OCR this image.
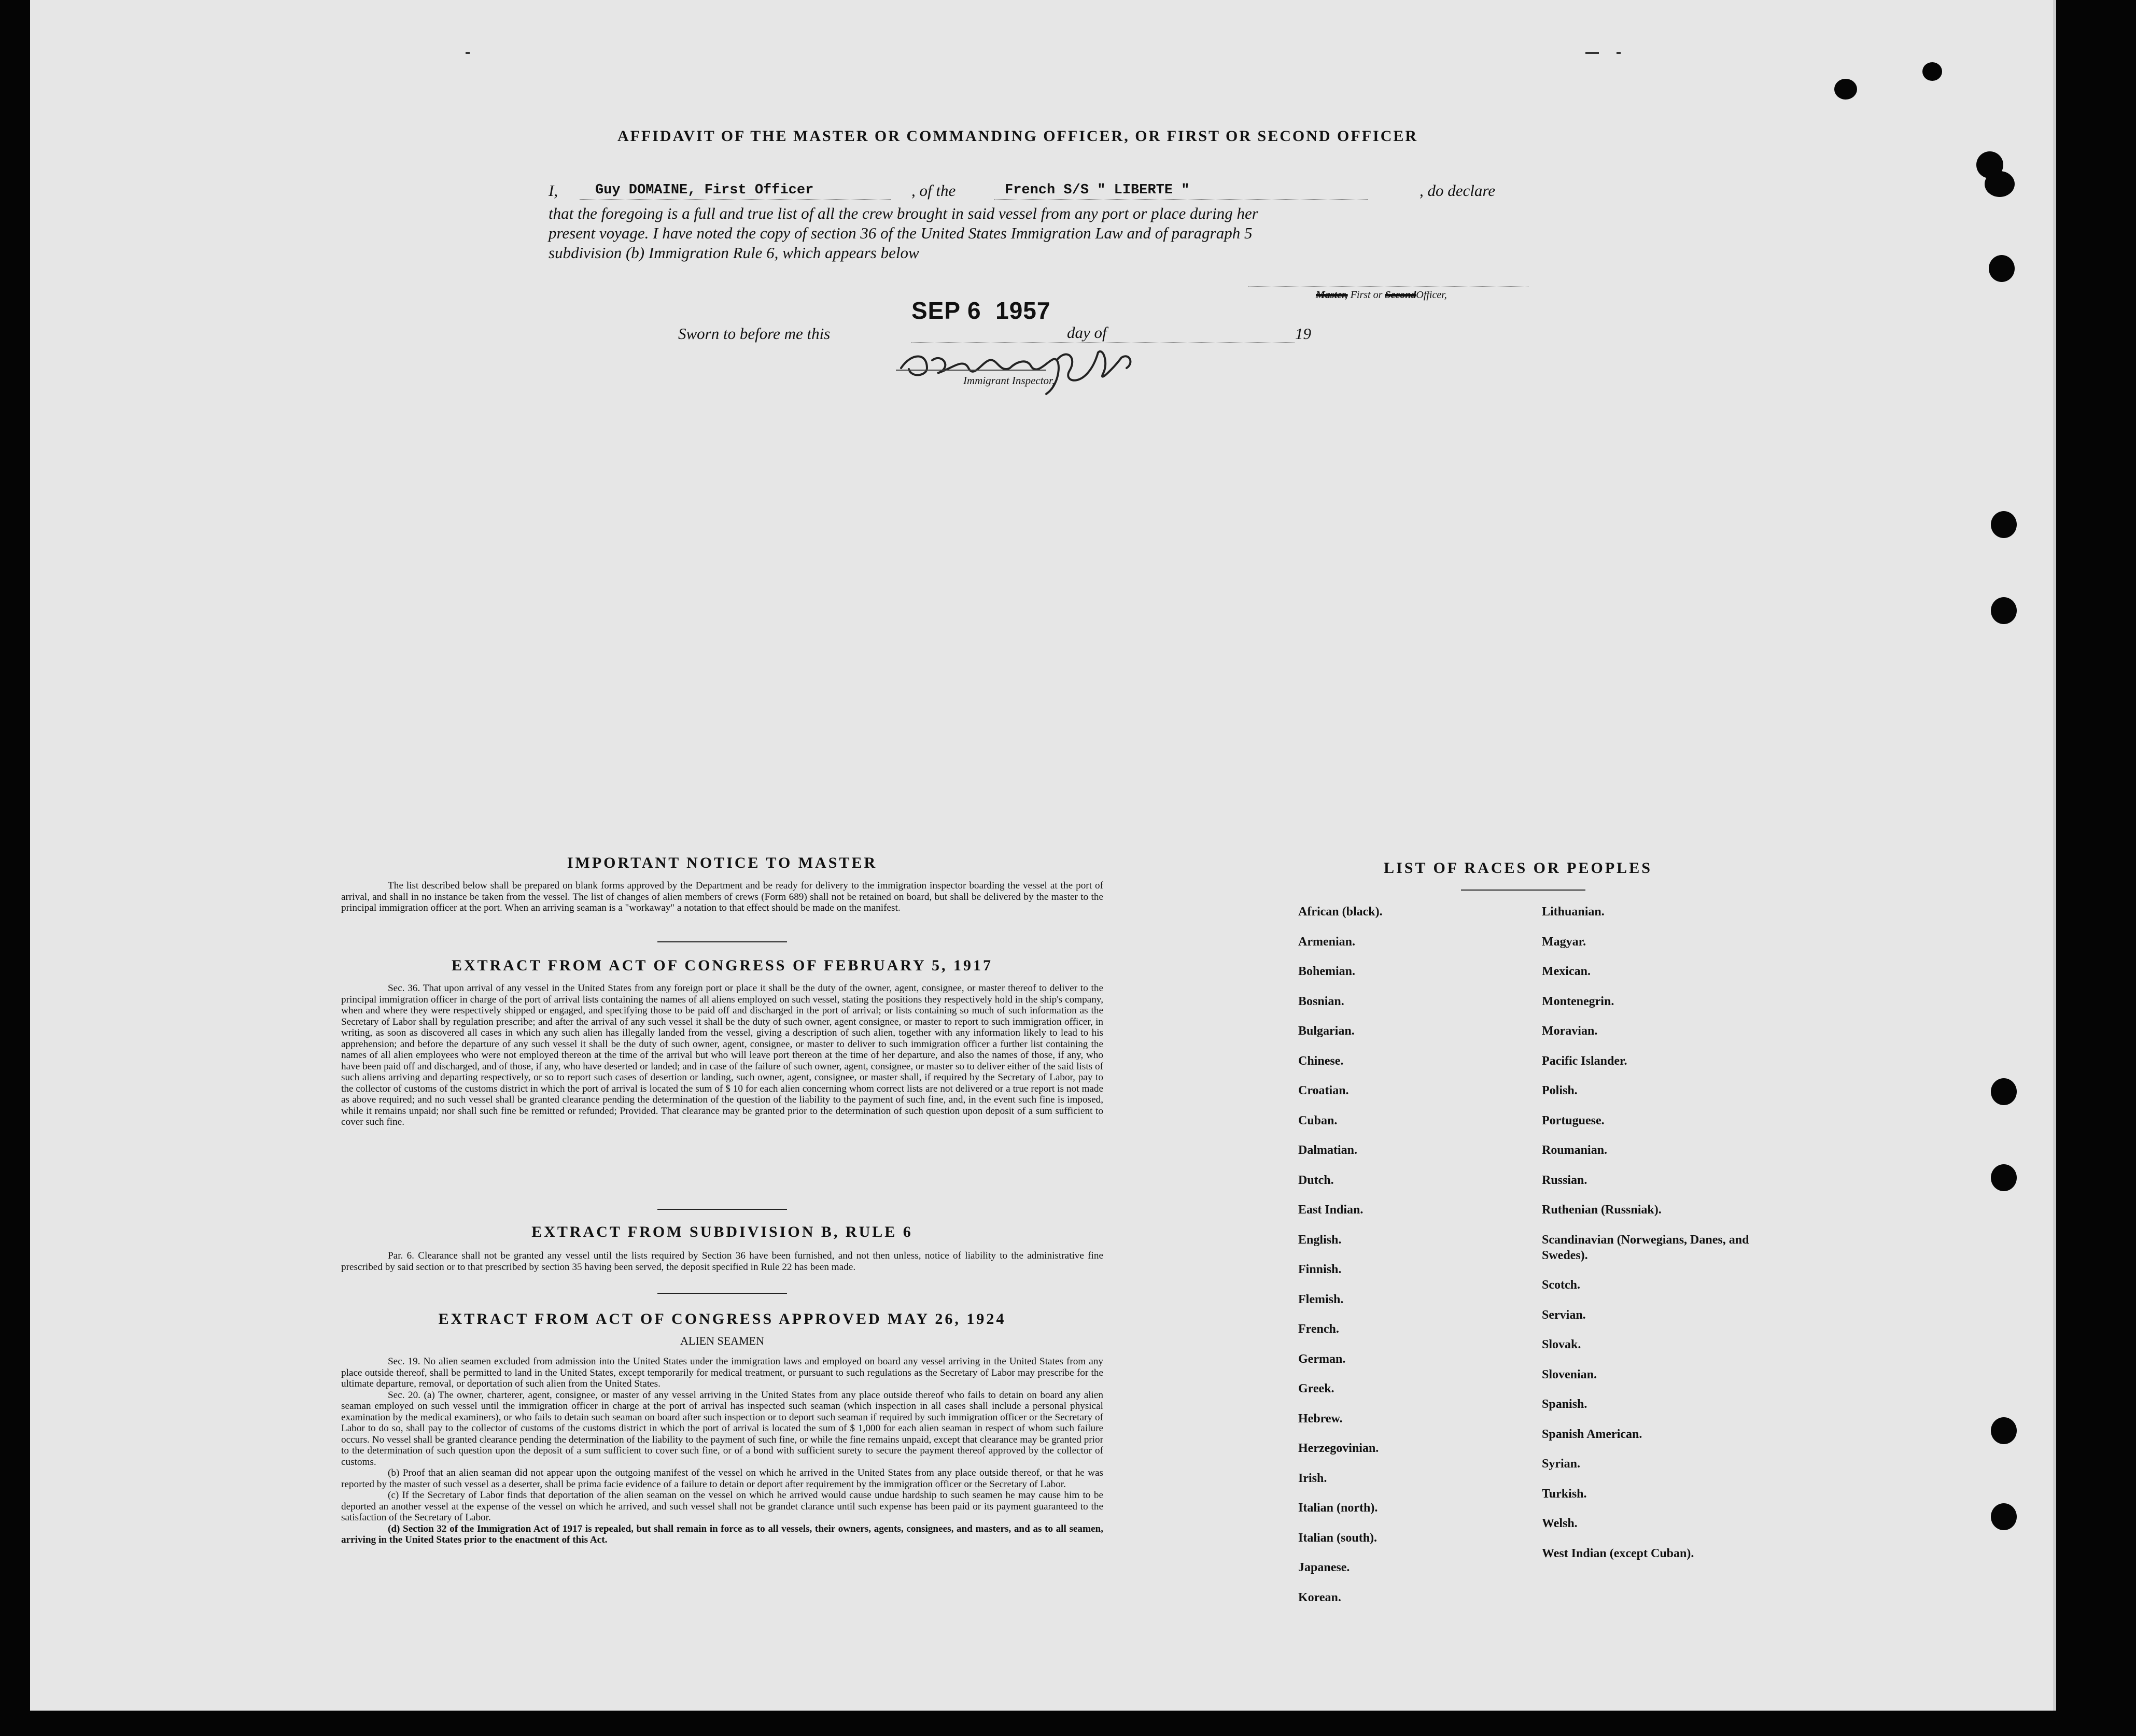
AFFIDAVIT OF THE MASTER OR COMMANDING OFFICER, OR FIRST OR SECOND OFFICER
I,	Guy DOMAINE, First Officer	, of the	French S/S " LIBERTE "	, do declare
that the foregoing is a full and true list of all the crew brought in said vessel from any port or place during her
present voyage. I have noted the copy of section 36 of the United States Immigration Law and of paragraph 5
subdivision (b) Immigration Rule 6, which appears below
Master, First or SecondOfficer,
Sworn to before me this
SEP 6  1957
day of	19
Immigrant Inspector,
IMPORTANT NOTICE TO MASTER

The list described below shall be prepared on blank forms approved by the Department and be ready for delivery to the immigration inspector boarding the vessel at the port of arrival, and shall in no instance be taken from the vessel. The list of changes of alien members of crews (Form 689) shall not be retained on board, but shall be delivered by the master to the principal immigration officer at the port. When an arriving seaman is a "workaway" a notation to that effect should be made on the manifest.

EXTRACT FROM ACT OF CONGRESS OF FEBRUARY 5, 1917

Sec. 36. That upon arrival of any vessel in the United States from any foreign port or place it shall be the duty of the owner, agent, consignee, or master thereof to deliver to the principal immigration officer in charge of the port of arrival lists containing the names of all aliens employed on such vessel, stating the positions they respectively hold in the ship's company, when and where they were respectively shipped or engaged, and specifying those to be paid off and discharged in the port of arrival; or lists containing so much of such information as the Secretary of Labor shall by regulation prescribe; and after the arrival of any such vessel it shall be the duty of such owner, agent consignee, or master to report to such immigration officer, in writing, as soon as discovered all cases in which any such alien has illegally landed from the vessel, giving a description of such alien, together with any information likely to lead to his apprehension; and before the departure of any such vessel it shall be the duty of such owner, agent, consignee, or master to deliver to such immigration officer a further list containing the names of all alien employees who were not employed thereon at the time of the arrival but who will leave port thereon at the time of her departure, and also the names of those, if any, who have been paid off and discharged, and of those, if any, who have deserted or landed; and in case of the failure of such owner, agent, consignee, or master so to deliver either of the said lists of such aliens arriving and departing respectively, or so to report such cases of desertion or landing, such owner, agent, consignee, or master shall, if required by the Secretary of Labor, pay to the collector of customs of the customs district in which the port of arrival is located the sum of $ 10 for each alien concerning whom correct lists are not delivered or a true report is not made as above required; and no such vessel shall be granted clearance pending the determination of the question of the liability to the payment of such fine, and, in the event such fine is imposed, while it remains unpaid; nor shall such fine be remitted or refunded; Provided. That clearance may be granted prior to the determination of such question upon deposit of a sum sufficient to cover such fine.

EXTRACT FROM SUBDIVISION B, RULE 6

Par. 6. Clearance shall not be granted any vessel until the lists required by Section 36 have been furnished, and not then unless, notice of liability to the administrative fine prescribed by said section or to that prescribed by section 35 having been served, the deposit specified in Rule 22 has been made.

EXTRACT FROM ACT OF CONGRESS APPROVED MAY 26, 1924
ALIEN SEAMEN

Sec. 19. No alien seamen excluded from admission into the United States under the immigration laws and employed on board any vessel arriving in the United States from any place outside thereof, shall be permitted to land in the United States, except temporarily for medical treatment, or pursuant to such regulations as the Secretary of Labor may prescribe for the ultimate departure, removal, or deportation of such alien from the United States.

Sec. 20. (a) The owner, charterer, agent, consignee, or master of any vessel arriving in the United States from any place outside thereof who fails to detain on board any alien seaman employed on such vessel until the immigration officer in charge at the port of arrival has inspected such seaman (which inspection in all cases shall include a personal physical examination by the medical examiners), or who fails to detain such seaman on board after such inspection or to deport such seaman if required by such immigration officer or the Secretary of Labor to do so, shall pay to the collector of customs of the customs district in which the port of arrival is located the sum of $ 1,000 for each alien seaman in respect of whom such failure occurs. No vessel shall be granted clearance pending the determination of the liability to the payment of such fine, or while the fine remains unpaid, except that clearance may be granted prior to the determination of such question upon the deposit of a sum sufficient to cover such fine, or of a bond with sufficient surety to secure the payment thereof approved by the collector of customs.

(b) Proof that an alien seaman did not appear upon the outgoing manifest of the vessel on which he arrived in the United States from any place outside thereof, or that he was reported by the master of such vessel as a deserter, shall be prima facie evidence of a failure to detain or deport after requirement by the immigration officer or the Secretary of Labor.

(c) If the Secretary of Labor finds that deportation of the alien seaman on the vessel on which he arrived would cause undue hardship to such seamen he may cause him to be deported an another vessel at the expense of the vessel on which he arrived, and such vessel shall not be grandet clarance until such expense has been paid or its payment guaranteed to the satisfaction of the Secretary of Labor.

(d) Section 32 of the Immigration Act of 1917 is repealed, but shall remain in force as to all vessels, their owners, agents, consignees, and masters, and as to all seamen, arriving in the United States prior to the enactment of this Act.

LIST OF RACES OR PEOPLES
African (black).
Armenian.
Bohemian.
Bosnian.
Bulgarian.
Chinese.
Croatian.
Cuban.
Dalmatian.
Dutch.
East Indian.
English.
Finnish.
Flemish.
French.
German.
Greek.
Hebrew.
Herzegovinian.
Irish.
Italian (north).
Italian (south).
Japanese.
Korean.
Lithuanian.
Magyar.
Mexican.
Montenegrin.
Moravian.
Pacific Islander.
Polish.
Portuguese.
Roumanian.
Russian.
Ruthenian (Russniak).
Scandinavian (Norwegians, Danes, and Swedes).
Scotch.
Servian.
Slovak.
Slovenian.
Spanish.
Spanish American.
Syrian.
Turkish.
Welsh.
West Indian (except Cuban).
